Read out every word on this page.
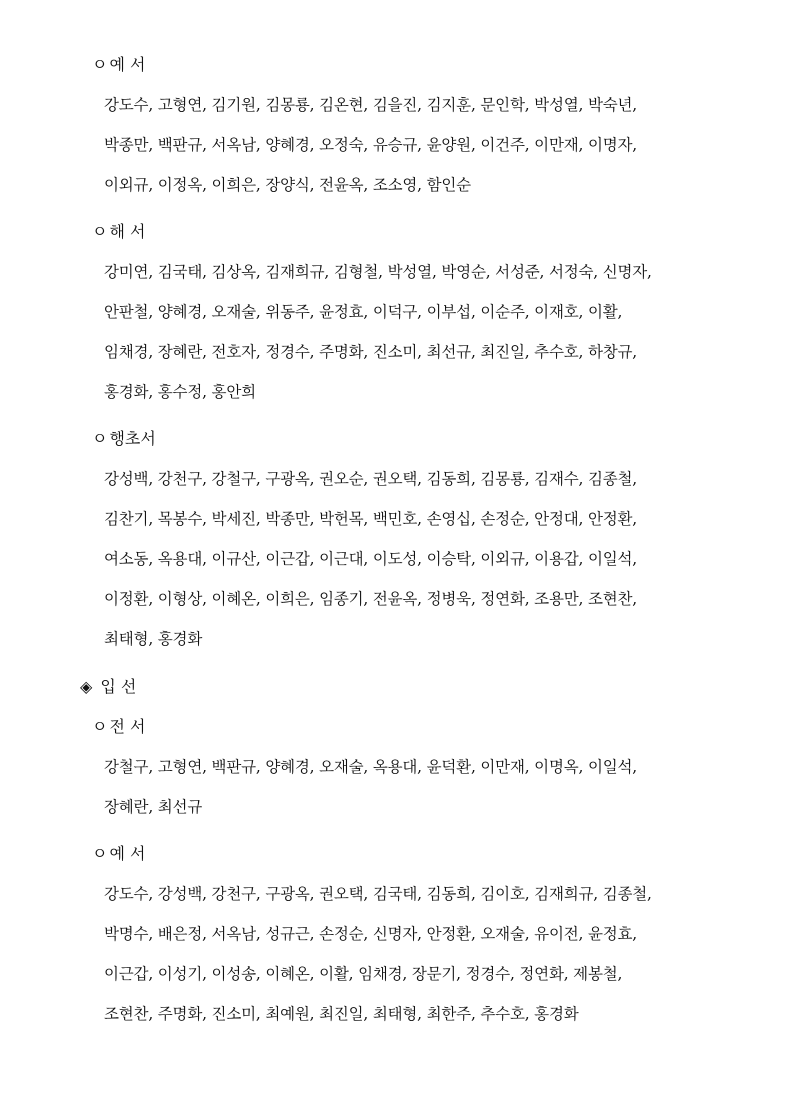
ㅇ 예 서
강도수, 고형연, 김기원, 김몽룡, 김온현, 김을진, 김지훈, 문인학, 박성열, 박숙년,
박종만, 백판규, 서옥남, 양혜경, 오정숙, 유승규, 윤양원, 이건주, 이만재, 이명자,
이외규, 이정옥, 이희은, 장양식, 전윤옥, 조소영, 함인순
ㅇ 해 서
강미연, 김국태, 김상옥, 김재희규, 김형철, 박성열, 박영순, 서성준, 서정숙, 신명자,
안판철, 양혜경, 오재술, 위동주, 윤정효, 이덕구, 이부섭, 이순주, 이재호, 이활,
임채경, 장혜란, 전호자, 정경수, 주명화, 진소미, 최선규, 최진일, 추수호, 하창규,
홍경화, 홍수정, 홍안희
ㅇ 행초서
강성백, 강천구, 강철구, 구광옥, 권오순, 권오택, 김동희, 김몽룡, 김재수, 김종철,
김찬기, 목봉수, 박세진, 박종만, 박헌목, 백민호, 손영십, 손정순, 안정대, 안정환,
여소동, 옥용대, 이규산, 이근갑, 이근대, 이도성, 이승탁, 이외규, 이용갑, 이일석,
이정환, 이형상, 이혜온, 이희은, 임종기, 전윤옥, 정병욱, 정연화, 조용만, 조현찬,
최태형, 홍경화
◈ 입 선
ㅇ 전 서
강철구, 고형연, 백판규, 양혜경, 오재술, 옥용대, 윤덕환, 이만재, 이명옥, 이일석,
장혜란, 최선규
ㅇ 예 서
강도수, 강성백, 강천구, 구광옥, 권오택, 김국태, 김동희, 김이호, 김재희규, 김종철,
박명수, 배은정, 서옥남, 성규근, 손정순, 신명자, 안정환, 오재술, 유이전, 윤정효,
이근갑, 이성기, 이성송, 이혜온, 이활, 임채경, 장문기, 정경수, 정연화, 제봉철,
조현찬, 주명화, 진소미, 최예원, 최진일, 최태형, 최한주, 추수호, 홍경화
